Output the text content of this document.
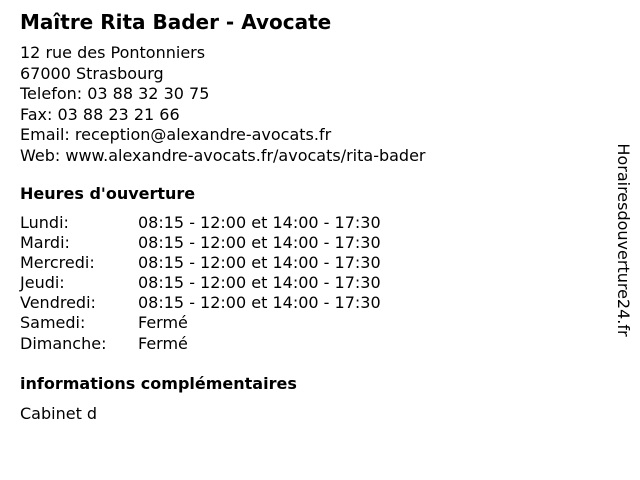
Maître Rita Bader - Avocate
12 rue des Pontonniers
67000 Strasbourg
Telefon: 03 88 32 30 75
Fax: 03 88 23 21 66
Email: reception@alexandre-avocats.fr
Web: www.alexandre-avocats.fr/avocats/rita-bader
Heures d'ouverture
Lundi:	08:15 - 12:00 et 14:00 - 17:30
Mardi:	08:15 - 12:00 et 14:00 - 17:30
Mercredi:	08:15 - 12:00 et 14:00 - 17:30
Jeudi:	08:15 - 12:00 et 14:00 - 17:30
Vendredi:	08:15 - 12:00 et 14:00 - 17:30
Samedi:	Fermé
Dimanche:	Fermé
informations complémentaires
Cabinet d
Horairesdouverture24.fr
